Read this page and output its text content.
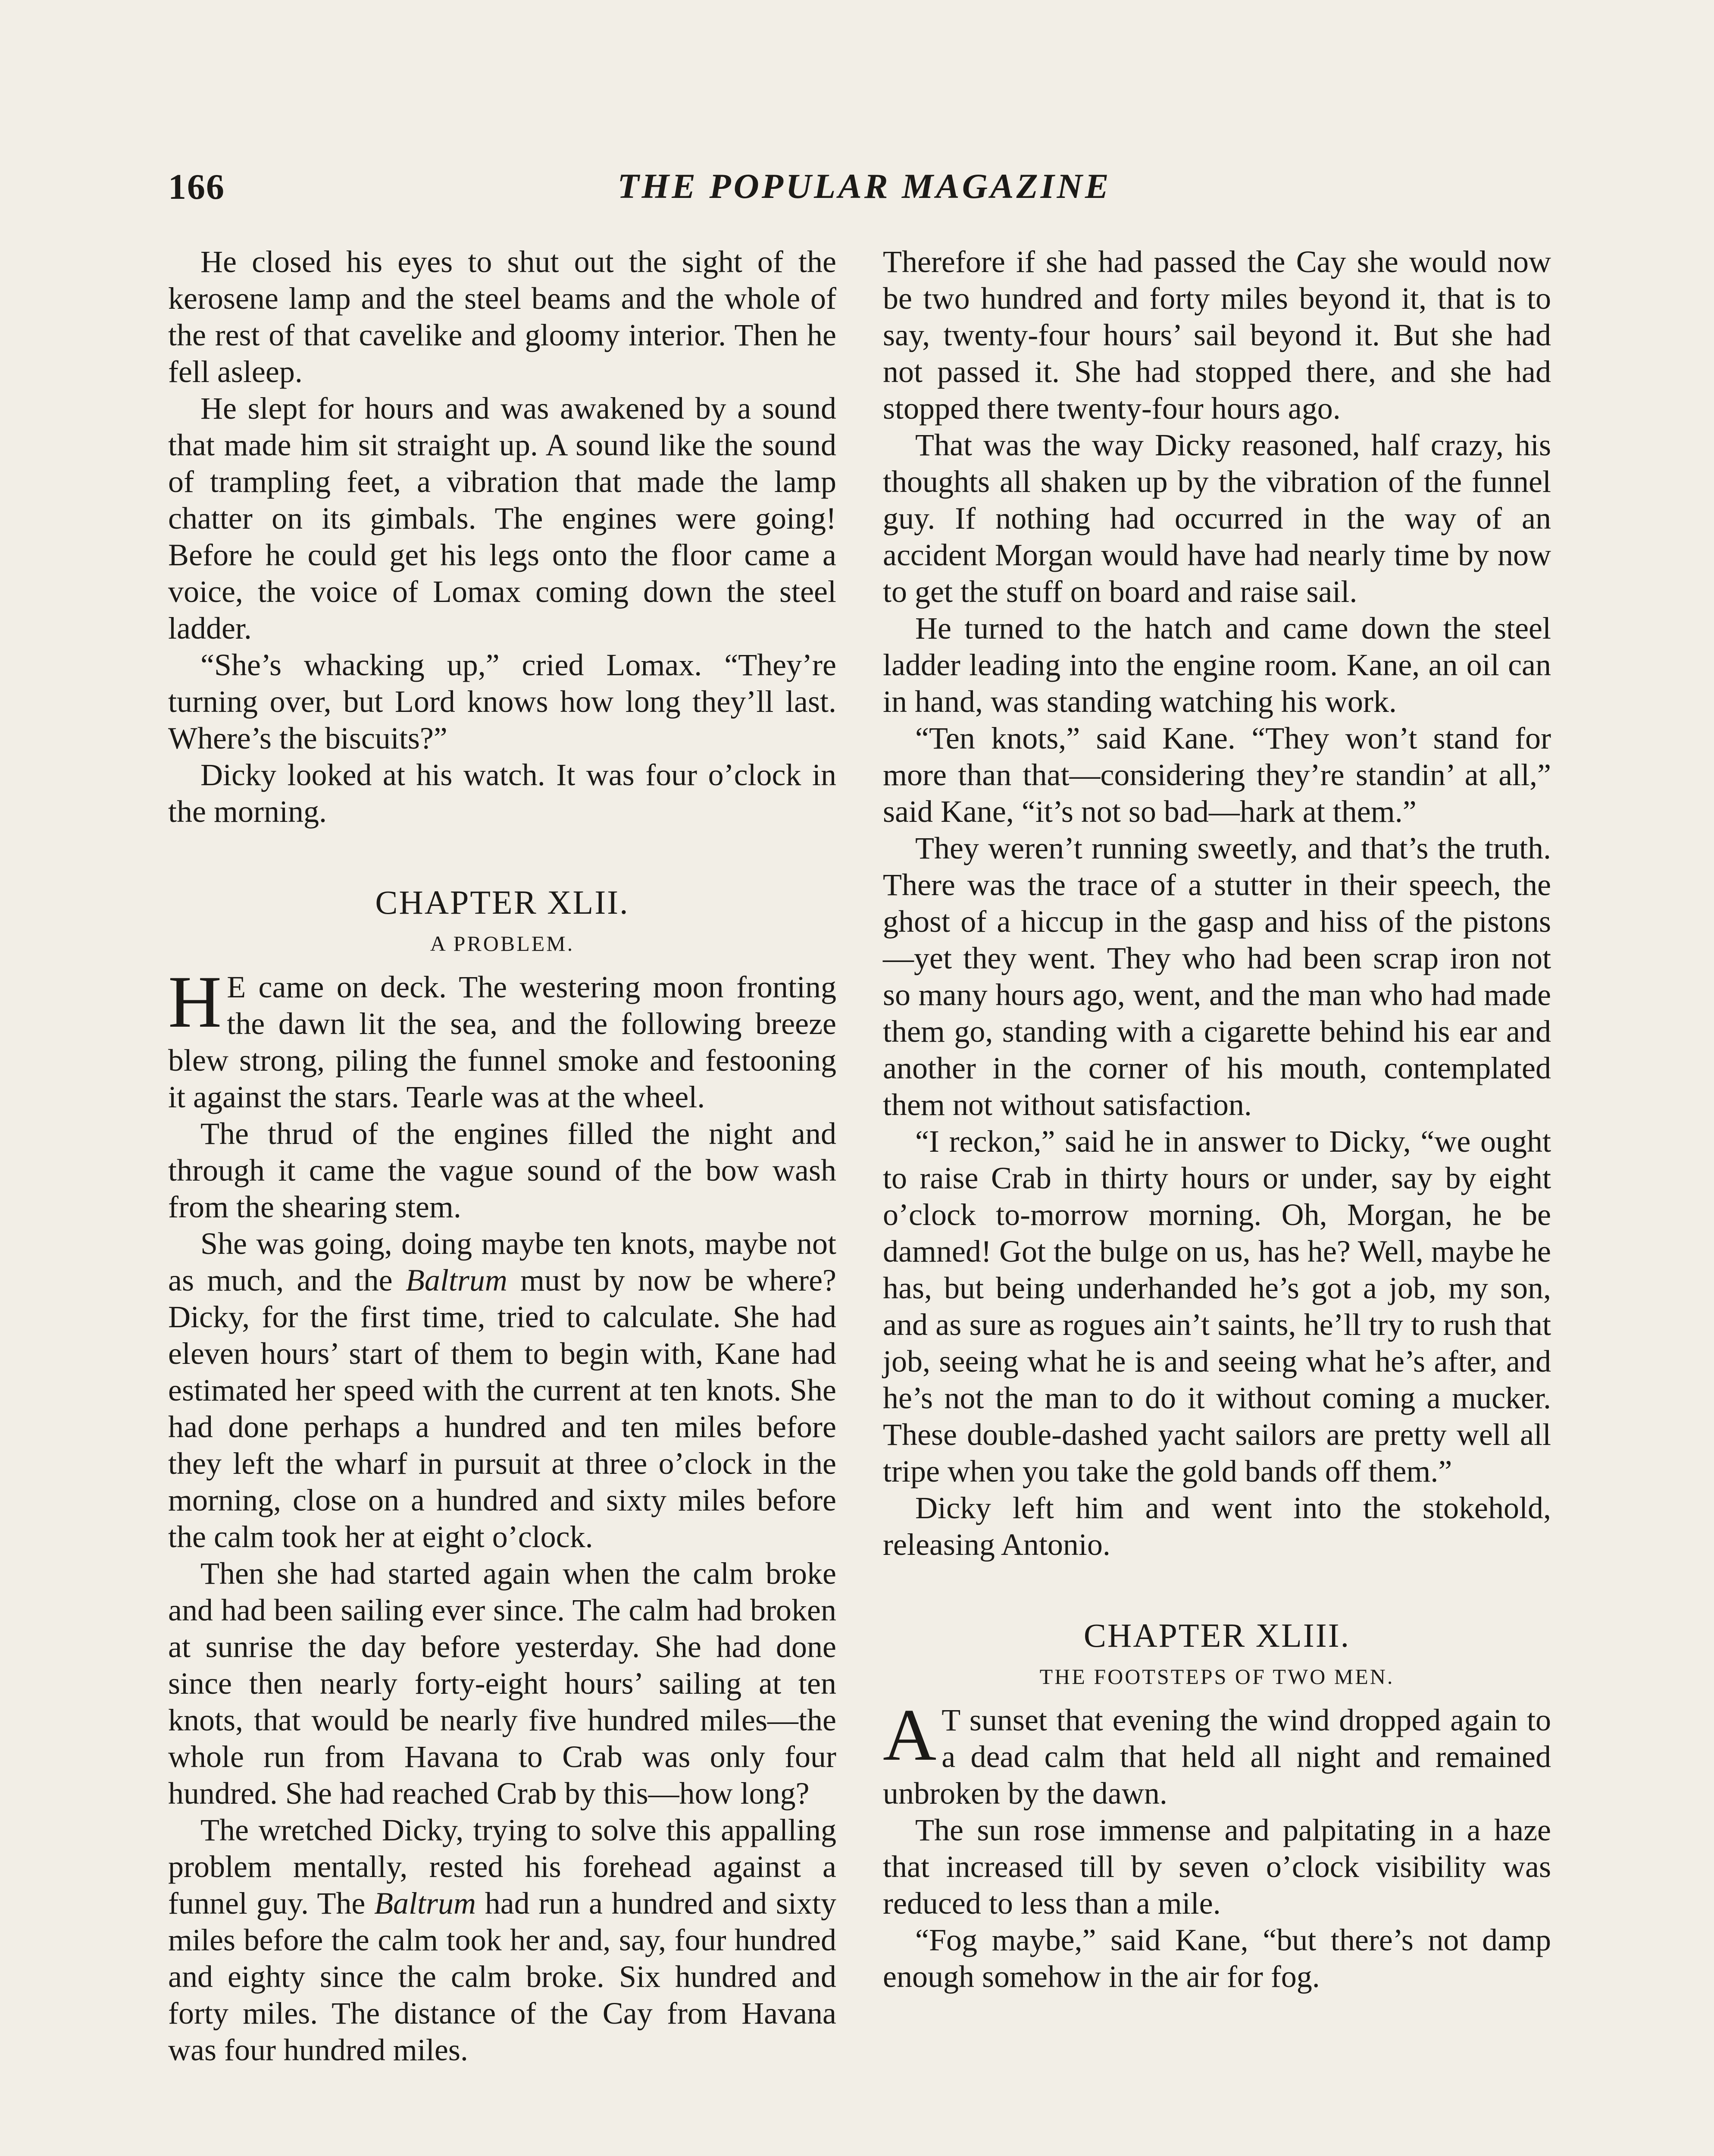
166	THE POPULAR MAGAZINE

He closed his eyes to shut out the sight of the kerosene lamp and the steel beams and the whole of the rest of that cavelike and gloomy interior. Then he fell asleep.

He slept for hours and was awakened by a sound that made him sit straight up. A sound like the sound of trampling feet, a vibration that made the lamp chatter on its gimbals. The engines were going! Before he could get his legs onto the floor came a voice, the voice of Lomax coming down the steel ladder.

“She’s whacking up,” cried Lomax. “They’re turning over, but Lord knows how long they’ll last. Where’s the biscuits?”

Dicky looked at his watch. It was four o’clock in the morning.

CHAPTER XLII.
A PROBLEM.

H E came on deck. The westering moon fronting the dawn lit the sea, and the following breeze blew strong, piling the funnel smoke and festooning it against the stars. Tearle was at the wheel.

The thrud of the engines filled the night and through it came the vague sound of the bow wash from the shearing stem.

She was going, doing maybe ten knots, maybe not as much, and the Baltrum must by now be where? Dicky, for the first time, tried to calculate. She had eleven hours’ start of them to begin with, Kane had estimated her speed with the current at ten knots. She had done perhaps a hundred and ten miles before they left the wharf in pursuit at three o’clock in the morning, close on a hundred and sixty miles before the calm took her at eight o’clock.

Then she had started again when the calm broke and had been sailing ever since. The calm had broken at sunrise the day before yesterday. She had done since then nearly forty-eight hours’ sailing at ten knots, that would be nearly five hundred miles—the whole run from Havana to Crab was only four hundred. She had reached Crab by this—how long?

The wretched Dicky, trying to solve this appalling problem mentally, rested his forehead against a funnel guy. The Baltrum had run a hundred and sixty miles before the calm took her and, say, four hundred and eighty since the calm broke. Six hundred and forty miles. The distance of the Cay from Havana was four hundred miles.

Therefore if she had passed the Cay she would now be two hundred and forty miles beyond it, that is to say, twenty-four hours’ sail beyond it. But she had not passed it. She had stopped there, and she had stopped there twenty-four hours ago.

That was the way Dicky reasoned, half crazy, his thoughts all shaken up by the vibration of the funnel guy. If nothing had occurred in the way of an accident Morgan would have had nearly time by now to get the stuff on board and raise sail.

He turned to the hatch and came down the steel ladder leading into the engine room. Kane, an oil can in hand, was standing watching his work.

“Ten knots,” said Kane. “They won’t stand for more than that—considering they’re standin’ at all,” said Kane, “it’s not so bad—hark at them.”

They weren’t running sweetly, and that’s the truth. There was the trace of a stutter in their speech, the ghost of a hiccup in the gasp and hiss of the pistons—yet they went. They who had been scrap iron not so many hours ago, went, and the man who had made them go, standing with a cigarette behind his ear and another in the corner of his mouth, contemplated them not without satisfaction.

“I reckon,” said he in answer to Dicky, “we ought to raise Crab in thirty hours or under, say by eight o’clock to-morrow morning. Oh, Morgan, he be damned! Got the bulge on us, has he? Well, maybe he has, but being underhanded he’s got a job, my son, and as sure as rogues ain’t saints, he’ll try to rush that job, seeing what he is and seeing what he’s after, and he’s not the man to do it without coming a mucker. These double-dashed yacht sailors are pretty well all tripe when you take the gold bands off them.”

Dicky left him and went into the stokehold, releasing Antonio.

CHAPTER XLIII.
THE FOOTSTEPS OF TWO MEN.

A T sunset that evening the wind dropped again to a dead calm that held all night and remained unbroken by the dawn.

The sun rose immense and palpitating in a haze that increased till by seven o’clock visibility was reduced to less than a mile.

“Fog maybe,” said Kane, “but there’s not damp enough somehow in the air for fog.
